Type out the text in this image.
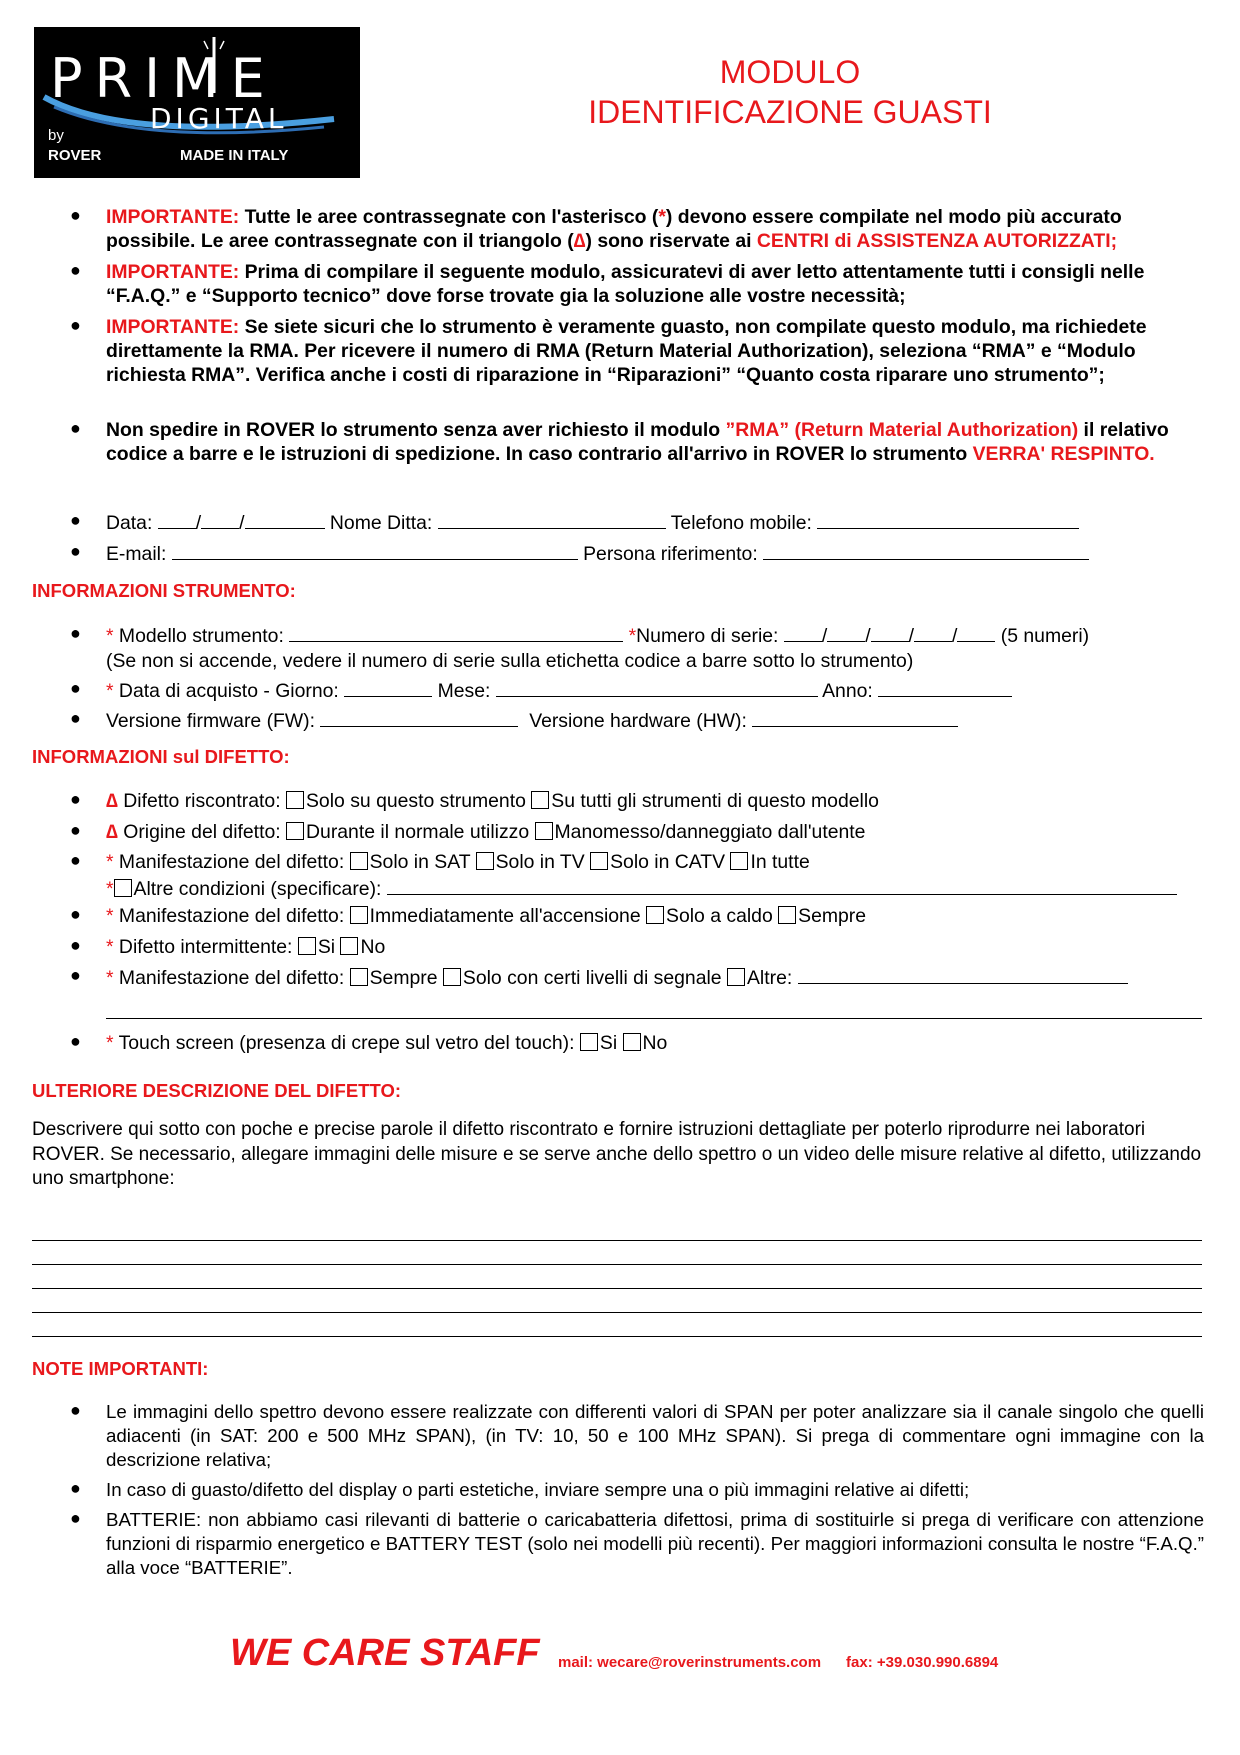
PRIME
DIGITAL
by
ROVER	MADE IN ITALY
MODULO
IDENTIFICAZIONE GUASTI
● IMPORTANTE: Tutte le aree contrassegnate con l'asterisco (*) devono essere compilate nel modo più accurato possibile. Le aree contrassegnate con il triangolo (∆) sono riservate ai CENTRI di ASSISTENZA AUTORIZZATI;
● IMPORTANTE: Prima di compilare il seguente modulo, assicuratevi di aver letto attentamente tutti i consigli nelle “F.A.Q.” e “Supporto tecnico” dove forse trovate gia la soluzione alle vostre necessità;
● IMPORTANTE: Se siete sicuri che lo strumento è veramente guasto, non compilate questo modulo, ma richiedete direttamente la RMA. Per ricevere il numero di RMA (Return Material Authorization), seleziona “RMA” e “Modulo richiesta RMA”. Verifica anche i costi di riparazione in “Riparazioni” “Quanto costa riparare uno strumento”;
● Non spedire in ROVER lo strumento senza aver richiesto il modulo ”RMA” (Return Material Authorization) il relativo codice a barre e le istruzioni di spedizione. In caso contrario all'arrivo in ROVER lo strumento VERRA' RESPINTO.
● Data: / /	Nome Ditta:	Telefono mobile:
● E-mail:	Persona riferimento:
INFORMAZIONI STRUMENTO:
● * Modello strumento:	*Numero di serie: / / / / (5 numeri)
(Se non si accende, vedere il numero di serie sulla etichetta codice a barre sotto lo strumento)
● * Data di acquisto - Giorno:	Mese:	Anno:
● Versione firmware (FW):	Versione hardware (HW):
INFORMAZIONI sul DIFETTO:
● ∆ Difetto riscontrato: Solo su questo strumento Su tutti gli strumenti di questo modello
● ∆ Origine del difetto: Durante il normale utilizzo Manomesso/danneggiato dall'utente
● * Manifestazione del difetto: Solo in SAT Solo in TV Solo in CATV In tutte
* Altre condizioni (specificare):
● * Manifestazione del difetto: Immediatamente all'accensione Solo a caldo Sempre
● * Difetto intermittente: Si No
● * Manifestazione del difetto: Sempre Solo con certi livelli di segnale Altre:
● * Touch screen (presenza di crepe sul vetro del touch): Si No
ULTERIORE DESCRIZIONE DEL DIFETTO:
Descrivere qui sotto con poche e precise parole il difetto riscontrato e fornire istruzioni dettagliate per poterlo riprodurre nei laboratori ROVER. Se necessario, allegare immagini delle misure e se serve anche dello spettro o un video delle misure relative al difetto, utilizzando uno smartphone:
NOTE IMPORTANTI:
● Le immagini dello spettro devono essere realizzate con differenti valori di SPAN per poter analizzare sia il canale singolo che quelli adiacenti (in SAT: 200 e 500 MHz SPAN), (in TV: 10, 50 e 100 MHz SPAN). Si prega di commentare ogni immagine con la descrizione relativa;
● In caso di guasto/difetto del display o parti estetiche, inviare sempre una o più immagini relative ai difetti;
● BATTERIE: non abbiamo casi rilevanti di batterie o caricabatteria difettosi, prima di sostituirle si prega di verificare con attenzione funzioni di risparmio energetico e BATTERY TEST (solo nei modelli più recenti). Per maggiori informazioni consulta le nostre “F.A.Q.” alla voce “BATTERIE”.
WE CARE STAFF mail: wecare@roverinstruments.com      fax: +39.030.990.6894
